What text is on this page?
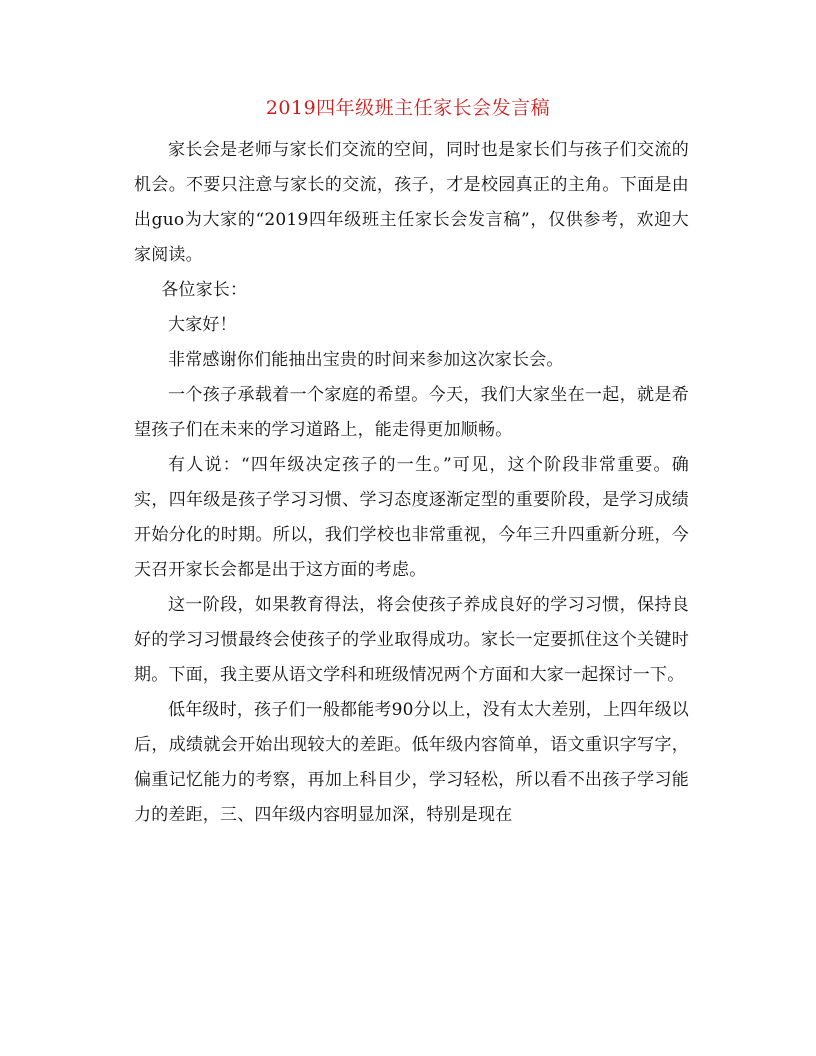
2019四年级班主任家长会发言稿

家长会是老师与家长们交流的空间，同时也是家长们与孩子们交流的机会。不要只注意与家长的交流，孩子，才是校园真正的主角。下面是由出guo为大家的“2019四年级班主任家长会发言稿”，仅供参考，欢迎大家阅读。

各位家长：

大家好！

非常感谢你们能抽出宝贵的时间来参加这次家长会。

一个孩子承载着一个家庭的希望。今天，我们大家坐在一起，就是希望孩子们在未来的学习道路上，能走得更加顺畅。

有人说：“四年级决定孩子的一生。”可见，这个阶段非常重要。确实，四年级是孩子学习习惯、学习态度逐渐定型的重要阶段，是学习成绩开始分化的时期。所以，我们学校也非常重视，今年三升四重新分班，今天召开家长会都是出于这方面的考虑。

这一阶段，如果教育得法，将会使孩子养成良好的学习习惯，保持良好的学习习惯最终会使孩子的学业取得成功。家长一定要抓住这个关键时期。下面，我主要从语文学科和班级情况两个方面和大家一起探讨一下。

低年级时，孩子们一般都能考90分以上，没有太大差别，上四年级以后，成绩就会开始出现较大的差距。低年级内容简单，语文重识字写字，偏重记忆能力的考察，再加上科目少，学习轻松，所以看不出孩子学习能力的差距，三、四年级内容明显加深，特别是现在
